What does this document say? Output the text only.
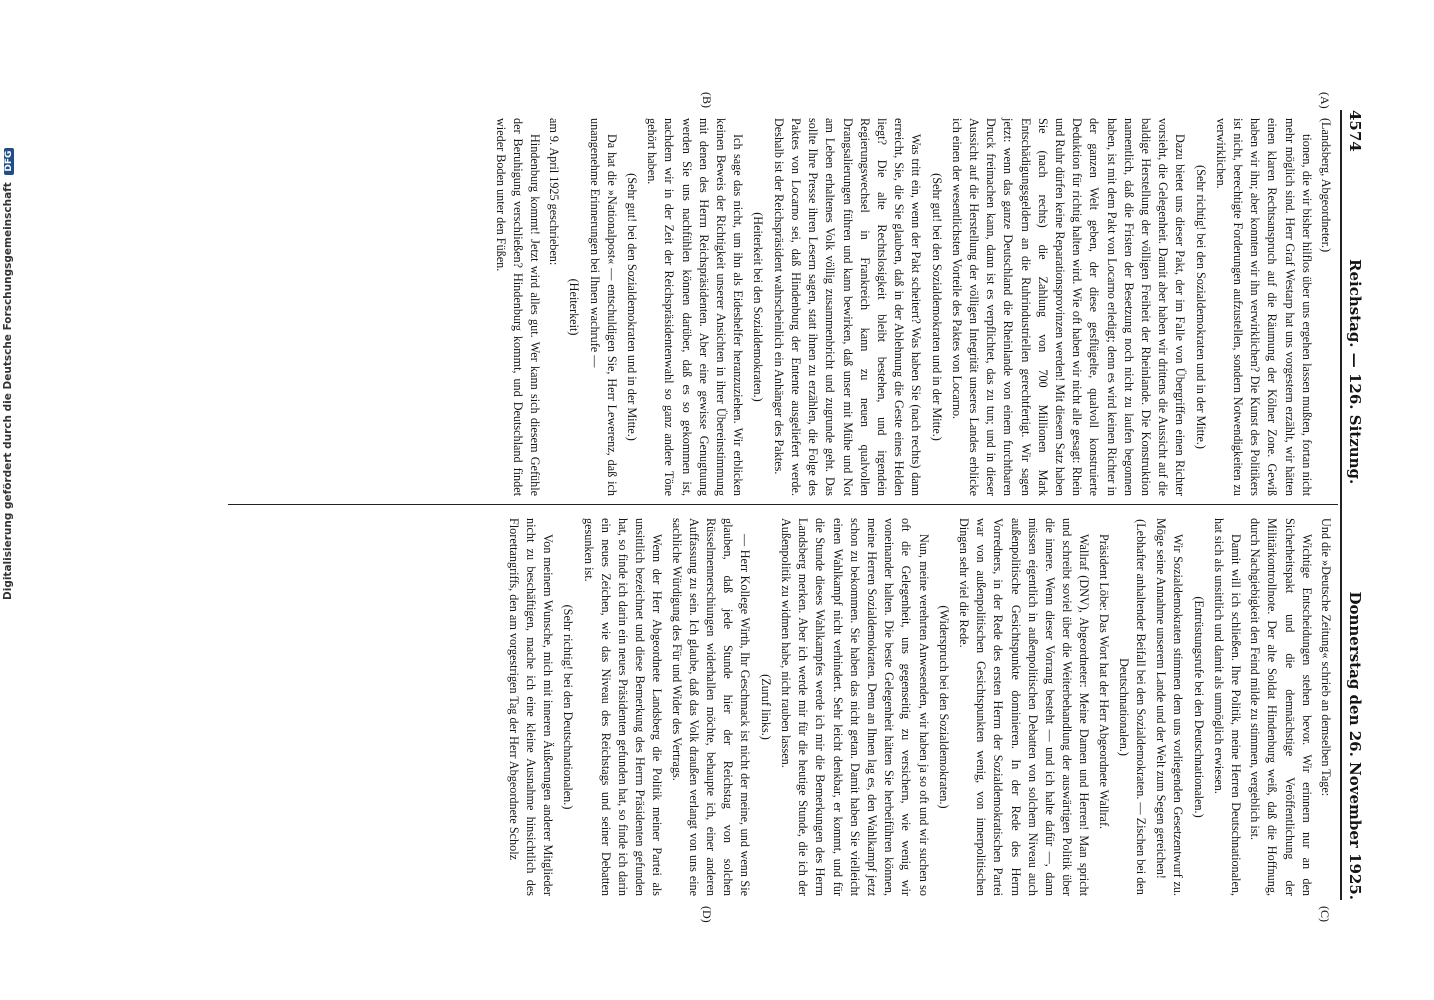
4574
Reichstag. — 126. Sitzung.
Donnerstag den 26. November 1925.
(A)
(B)
(C)
(D)

(Landsberg, Abgeordneter.)

tionen, die wir bisher hilflos über uns ergehen lassen mußten, fortan nicht mehr möglich sind. Herr Graf Westarp hat uns vorgestern erzählt, wir hätten einen klaren Rechtsanspruch auf die Räumung der Kölner Zone. Gewiß haben wir ihn; aber konnten wir ihn verwirklichen? Die Kunst des Politikers ist nicht, berechtigte Forderungen aufzustellen, sondern Notwendigkeiten zu verwirklichen.

(Sehr richtig! bei den Sozialdemokraten und in der Mitte.)

Dazu bietet uns dieser Pakt, der im Falle von Übergriffen einen Richter vorsieht, die Gelegenheit. Damit aber haben wir drittens die Aussicht auf die baldige Herstellung der völligen Freiheit der Rheinlande. Die Konstruktion namentlich, daß die Fristen der Besetzung noch nicht zu laufen begonnen haben, ist mit dem Pakt von Locarno erledigt; denn es wird keinen Richter in der ganzen Welt geben, der diese gesflügelte, qualvoll konstruierte Deduktion für richtig halten wird. Wie oft haben wir nicht alle gesagt: Rhein und Ruhr dürfen keine Reparationsprovinzen werden! Mit diesem Satz haben Sie (nach rechts) die Zahlung von 700 Millionen Mark Entschädigungsgeldern an die Ruhrindustriellen gerechtfertigt. Wir sagen jetzt: wenn das ganze Deutschland die Rheinlande von einem furchtbaren Druck freimachen kann, dann ist es verpflichtet, das zu tun; und in dieser Aussicht auf die Herstellung der völligen Integrität unseres Landes erblicke ich einen der wesentlichsten Vorteile des Paktes von Locarno.

(Sehr gut! bei den Sozialdemokraten und in der Mitte.)

Was tritt ein, wenn der Pakt scheitert? Was haben Sie (nach rechts) dann erreicht, Sie, die Sie glauben, daß in der Ablehnung die Geste eines Helden liegt? Die alte Rechtslosigkeit bleibt bestehen, und irgendein Regierungswechsel in Frankreich kann zu neuen qualvollen Drangsalierungen führen und kann bewirken, daß unser mit Mühe und Not am Leben erhaltenes Volk völlig zusammenbricht und zugrunde geht. Das sollte Ihre Presse ihren Lesern sagen, statt ihnen zu erzählen, die Folge des Paktes von Locarno sei, daß Hindenburg der Entente ausgeliefert werde. Deshalb ist der Reichspräsident wahrscheinlich ein Anhänger des Paktes.

(Heiterkeit bei den Sozialdemokraten.)

Ich sage das nicht, um ihn als Eideshelfer heranzuziehen. Wir erblicken keinen Beweis der Richtigkeit unserer Ansichten in ihrer Übereinstimmung mit denen des Herrn Reichspräsidenten. Aber eine gewisse Genugtuung werden Sie uns nachfühlen können darüber, daß es so gekommen ist, nachdem wir in der Zeit der Reichspräsidentenwahl so ganz andere Töne gehört haben.

(Sehr gut! bei den Sozialdemokraten und in der Mitte.)

Da hat die »Nationalpost« — entschuldigen Sie, Herr Lewerenz, daß ich unangenehme Erinnerungen bei Ihnen wachrufe —

(Heiterkeit)

am 9. April 1925 geschrieben:

Hindenburg kommt! Jetzt wird alles gut. Wer kann sich diesem Gefühle der Beruhigung verschließen? Hindenburg kommt, und Deutschland findet wieder Boden unter den Füßen.

Und die »Deutsche Zeitung« schrieb an demselben Tage:

Wichtige Entscheidungen stehen bevor. Wir erinnern nur an den Sicherheitspakt und die demnächstige Veröffentlichung der Militärkontrollnote. Der alte Soldat Hindenburg weiß, daß die Hoffnung, durch Nachgiebigkeit den Feind milde zu stimmen, vergeblich ist.

Damit will ich schließen. Ihre Politik, meine Herren Deutschnationalen, hat sich als unsittlich und damit als unmöglich erwiesen.

(Entrüstungsrufe bei den Deutschnationalen.)

Wir Sozialdemokraten stimmen dem uns vorliegenden Gesetzentwurf zu. Möge seine Annahme unserem Lande und der Welt zum Segen gereichen!

(Lebhafter anhaltender Beifall bei den Sozialdemokraten. — Zischen bei den Deutschnationalen.)

Präsident Löbe: Das Wort hat der Herr Abgeordnete Wallraf.

Wallraf (DNV), Abgeordneter: Meine Damen und Herren! Man spricht und schreibt soviel über die Weiterbehandlung der auswärtigen Politik über die innere. Wenn dieser Vorrang besteht — und ich halte dafür —, dann müssen eigentlich in außenpolitischen Debatten von solchem Niveau auch außenpolitische Gesichtspunkte dominieren. In der Rede des Herrn Vorredners, in der Rede des ersten Herrn der Sozialdemokratischen Partei war von außenpolitischen Gesichtspunkten wenig, von innerpolitischen Dingen sehr viel die Rede.

(Widerspruch bei den Sozialdemokraten.)

Nun, meine verehrten Anwesenden, wir haben ja so oft und wir suchen so oft die Gelegenheit, uns gegenseitig zu versichern, wie wenig wir voneinander halten. Die beste Gelegenheit hätten Sie herbeiführen können, meine Herren Sozialdemokraten. Denn an Ihnen lag es, den Wahlkampf jetzt schon zu bekommen. Sie haben das nicht getan. Damit haben Sie vielleicht einen Wahlkampf nicht verhindert. Sehr leicht denkbar, er kommt, und für die Stunde dieses Wahlkampfes werde ich mir die Bemerkungen des Herrn Landsberg merken. Aber ich werde mir für die heutige Stunde, die ich der Außenpolitik zu widmen habe, nicht rauben lassen.

(Zuruf links.)

— Herr Kollege Wirth, Ihr Geschmack ist nicht der meine, und wenn Sie glauben, daß jede Stunde hier der Reichstag von solchen Rüsselmennerschiungen widerhallen möchte, behaupte ich, einer anderen Auffassung zu sein. Ich glaube, daß das Volk draußen verlangt von uns eine sachliche Würdigung des Für und Wider des Vertrags.

Wenn der Herr Abgeordnete Landsberg die Politik meiner Partei als unsittlich bezeichnet und diese Bemerkung des Herrn Präsidenten gefunden hat, so finde ich darin ein neues Präsidenten gefunden hat, so finde ich darin ein neues Zeichen, wie das Niveau des Reichstags und seiner Debatten gesunken ist.

(Sehr richtig! bei den Deutschnationalen.)

Von meinem Wunsche, mich mit inneren Äußerungen anderer Mitglieder nicht zu beschäftigen, mache ich eine kleine Ausnahme hinsichtlich des Florettangriffs, den am vorgestrigen Tag der Herr Abgeordnete Scholz

Digitalisierung gefördert durch die Deutsche Forschungsgemeinschaft DFG
